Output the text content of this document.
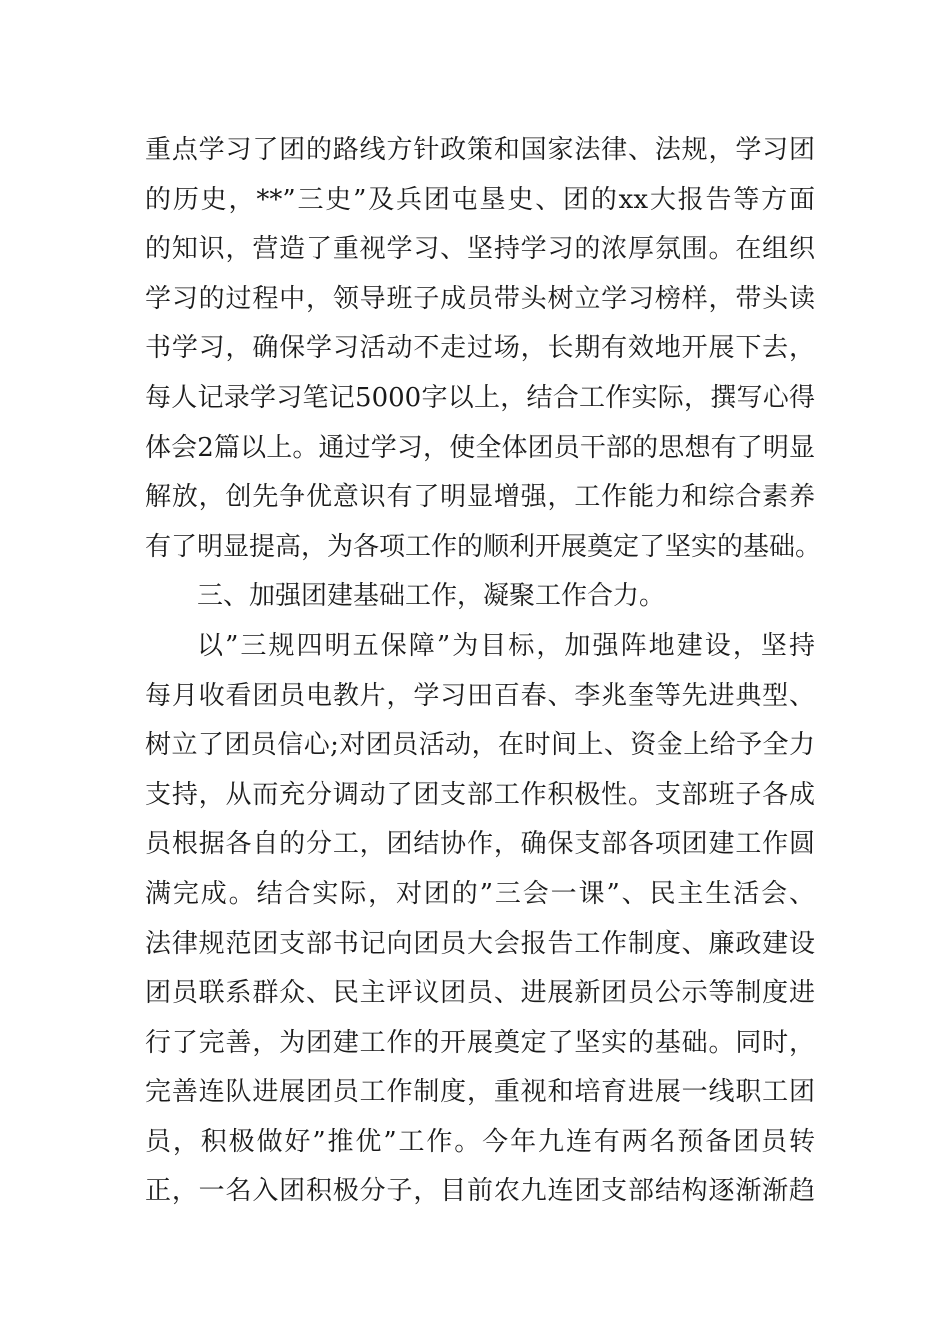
重点学习了团的路线方针政策和国家法律、法规，学习团
的历史，**”三史”及兵团屯垦史、团的xx大报告等方面
的知识，营造了重视学习、坚持学习的浓厚氛围。在组织
学习的过程中，领导班子成员带头树立学习榜样，带头读
书学习，确保学习活动不走过场，长期有效地开展下去，
每人记录学习笔记5000字以上，结合工作实际，撰写心得
体会2篇以上。通过学习，使全体团员干部的思想有了明显
解放，创先争优意识有了明显增强，工作能力和综合素养
有了明显提高，为各项工作的顺利开展奠定了坚实的基础。
三、加强团建基础工作，凝聚工作合力。
以”三规四明五保障”为目标，加强阵地建设，坚持
每月收看团员电教片，学习田百春、李兆奎等先进典型、
树立了团员信心;对团员活动，在时间上、资金上给予全力
支持，从而充分调动了团支部工作积极性。支部班子各成
员根据各自的分工，团结协作，确保支部各项团建工作圆
满完成。结合实际，对团的”三会一课”、民主生活会、
法律规范团支部书记向团员大会报告工作制度、廉政建设
团员联系群众、民主评议团员、进展新团员公示等制度进
行了完善，为团建工作的开展奠定了坚实的基础。同时，
完善连队进展团员工作制度，重视和培育进展一线职工团
员，积极做好”推优”工作。今年九连有两名预备团员转
正，一名入团积极分子，目前农九连团支部结构逐渐渐趋
